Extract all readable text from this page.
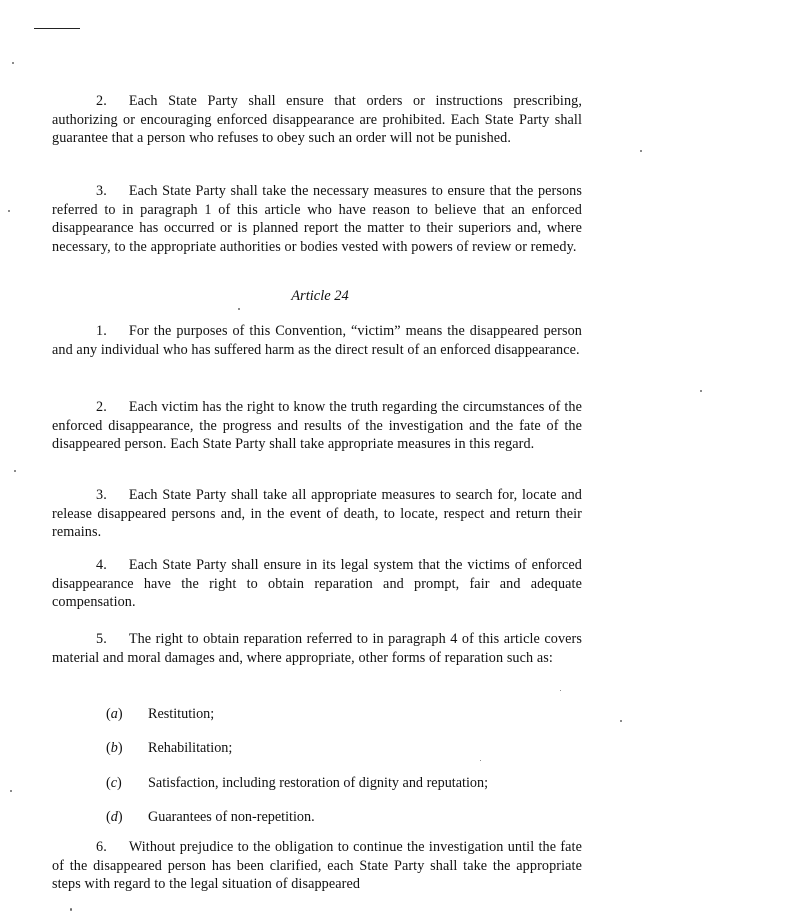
2. Each State Party shall ensure that orders or instructions prescribing, authorizing or encouraging enforced disappearance are prohibited. Each State Party shall guarantee that a person who refuses to obey such an order will not be punished.
3. Each State Party shall take the necessary measures to ensure that the persons referred to in paragraph 1 of this article who have reason to believe that an enforced disappearance has occurred or is planned report the matter to their superiors and, where necessary, to the appropriate authorities or bodies vested with powers of review or remedy.
Article 24
1. For the purposes of this Convention, “victim” means the disappeared person and any individual who has suffered harm as the direct result of an enforced disappearance.
2. Each victim has the right to know the truth regarding the circumstances of the enforced disappearance, the progress and results of the investigation and the fate of the disappeared person. Each State Party shall take appropriate measures in this regard.
3. Each State Party shall take all appropriate measures to search for, locate and release disappeared persons and, in the event of death, to locate, respect and return their remains.
4. Each State Party shall ensure in its legal system that the victims of enforced disappearance have the right to obtain reparation and prompt, fair and adequate compensation.
5. The right to obtain reparation referred to in paragraph 4 of this article covers material and moral damages and, where appropriate, other forms of reparation such as:
(a) Restitution;
(b) Rehabilitation;
(c) Satisfaction, including restoration of dignity and reputation;
(d) Guarantees of non-repetition.
6. Without prejudice to the obligation to continue the investigation until the fate of the disappeared person has been clarified, each State Party shall take the appropriate steps with regard to the legal situation of disappeared
